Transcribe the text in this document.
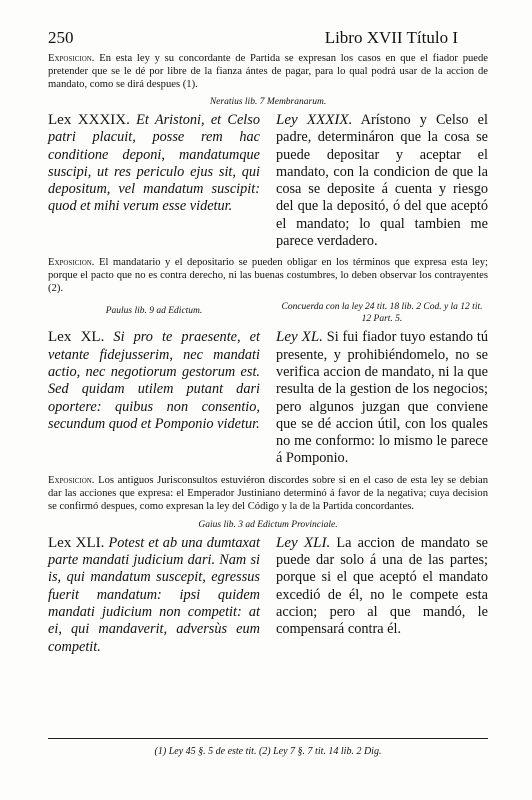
250	Libro XVII Título I

Exposicion. En esta ley y su concordante de Partida se expresan los casos en que el fiador puede pretender que se le dé por libre de la fianza ántes de pagar, para lo qual podrá usar de la accion de mandato, como se dirá despues (1).

Neratius lib. 7 Membranarum.

Lex XXXIX. Et Aristoni, et Celso patri placuit, posse rem hac conditione deponi, mandatumque suscipi, ut res periculo ejus sit, qui depositum, vel mandatum suscipit: quod et mihi verum esse videtur.

Ley XXXIX. Arístono y Celso el padre, determináron que la cosa se puede depositar y aceptar el mandato, con la condicion de que la cosa se deposite á cuenta y riesgo del que la depositó, ó del que aceptó el mandato; lo qual tambien me parece verdadero.

Exposicion. El mandatario y el depositario se pueden obligar en los términos que expresa esta ley; porque el pacto que no es contra derecho, ni las buenas costumbres, lo deben observar los contrayentes (2).

Paulus lib. 9 ad Edictum.	Concuerda con la ley 24 tit. 18 lib. 2 Cod. y la 12 tit. 12 Part. 5.

Lex XL. Si pro te praesente, et vetante fidejusserim, nec mandati actio, nec negotiorum gestorum est. Sed quidam utilem putant dari oportere: quibus non consentio, secundum quod et Pomponio videtur.

Ley XL. Si fui fiador tuyo estando tú presente, y prohibiéndomelo, no se verifica accion de mandato, ni la que resulta de la gestion de los negocios; pero algunos juzgan que conviene que se dé accion útil, con los quales no me conformo: lo mismo le parece á Pomponio.

Exposicion. Los antiguos Jurisconsultos estuviéron discordes sobre si en el caso de esta ley se debian dar las acciones que expresa: el Emperador Justiniano determinó á favor de la negativa; cuya decision se confirmó despues, como expresan la ley del Código y la de la Partida concordantes.

Gaius lib. 3 ad Edictum Provinciale.

Lex XLI. Potest et ab una dumtaxat parte mandati judicium dari. Nam si is, qui mandatum suscepit, egressus fuerit mandatum: ipsi quidem mandati judicium non competit: at ei, qui mandaverit, adversùs eum competit.

Ley XLI. La accion de mandato se puede dar solo á una de las partes; porque si el que aceptó el mandato excedió de él, no le compete esta accion; pero al que mandó, le compensará contra él.

(1) Ley 45 §. 5 de este tit. (2) Ley 7 §. 7 tit. 14 lib. 2 Dig.
